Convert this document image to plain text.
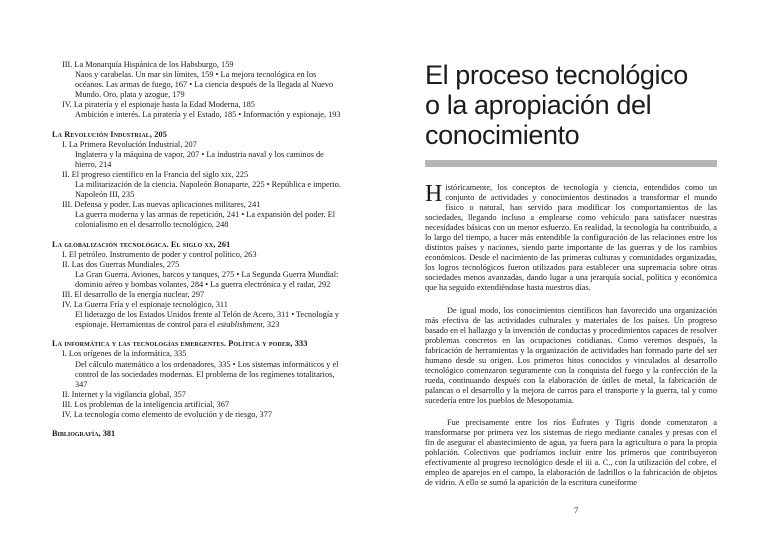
III. La Monarquía Hispánica de los Habsburgo, 159
Naos y carabelas. Un mar sin límites, 159 • La mejora tecnológica en los océanos. Las armas de fuego, 167 • La ciencia después de la llegada al Nuevo Mundo. Oro, plata y azogue, 179
IV. La piratería y el espionaje hasta la Edad Moderna, 185
Ambición e interés. La piratería y el Estado, 185 • Información y espionaje, 193
La Revolución Industrial, 205
I. La Primera Revolución Industrial, 207
Inglaterra y la máquina de vapor, 207 • La industria naval y los caminos de hierro, 214
II. El progreso científico en la Francia del siglo xix, 225
La militarización de la ciencia. Napoleón Bonaparte, 225 • República e imperio. Napoleón III, 235
III. Defensa y poder. Las nuevas aplicaciones militares, 241
La guerra moderna y las armas de repetición, 241 • La expansión del poder. El colonialismo en el desarrollo tecnológico, 248
La globalización tecnológica. El siglo xx, 261
I. El petróleo. Instrumento de poder y control político, 263
II. Las dos Guerras Mundiales, 275
La Gran Guerra. Aviones, barcos y tanques, 275 • La Segunda Guerra Mundial: dominio aéreo y bombas volantes, 284 • La guerra electrónica y el radar, 292
III. El desarrollo de la energía nuclear, 297
IV. La Guerra Fría y el espionaje tecnológico, 311
El liderazgo de los Estados Unidos frente al Telón de Acero, 311 • Tecnología y espionaje. Herramientas de control para el establishment, 323
La informática y las tecnologías emergentes. Política y poder, 333
I. Los orígenes de la informática, 335
Del cálculo matemático a los ordenadores, 335 • Los sistemas informáticos y el control de las sociedades modernas. El problema de los regímenes totalitarios, 347
II. Internet y la vigilancia global, 357
III. Los problemas de la inteligencia artificial, 367
IV. La tecnología como elemento de evolución y de riesgo, 377
Bibliografía, 381
El proceso tecnológico
o la apropiación del
conocimiento

Históricamente, los conceptos de tecnología y ciencia, entendidos como un conjunto de actividades y conocimientos destinados a transformar el mundo físico o natural, han servido para modificar los comportamientos de las sociedades, llegando incluso a emplearse como vehículo para satisfacer nuestras necesidades básicas con un menor esfuerzo. En realidad, la tecnología ha contribuido, a lo largo del tiempo, a hacer más entendible la configuración de las relaciones entre los distintos países y naciones, siendo parte importante de las guerras y de los cambios económicos. Desde el nacimiento de las primeras culturas y comunidades organizadas, los logros tecnológicos fueron utilizados para establecer una supremacía sobre otras sociedades menos avanzadas, dando lugar a una jerarquía social, política y económica que ha seguido extendiéndose hasta nuestros días.

De igual modo, los conocimientos científicos han favorecido una organización más efectiva de las actividades culturales y materiales de los países. Un progreso basado en el hallazgo y la invención de conductas y procedimientos capaces de resolver problemas concretos en las ocupaciones cotidianas. Como veremos después, la fabricación de herramientas y la organización de actividades han formado parte del ser humano desde su origen. Los primeros hitos conocidos y vinculados al desarrollo tecnológico comenzaron seguramente con la conquista del fuego y la confección de la rueda, continuando después con la elaboración de útiles de metal, la fabricación de palancas o el desarrollo y la mejora de carros para el transporte y la guerra, tal y como sucedería entre los pueblos de Mesopotamia.

Fue precisamente entre los ríos Éufrates y Tigris donde comenzaron a transformarse por primera vez los sistemas de riego mediante canales y presas con el fin de asegurar el abastecimiento de agua, ya fuera para la agricultura o para la propia población. Colectivos que podríamos incluir entre los primeros que contribuyeron efectivamente al progreso tecnológico desde el iii a. C., con la utilización del cobre, el empleo de aparejos en el campo, la elaboración de ladrillos o la fabricación de objetos de vidrio. A ello se sumó la aparición de la escritura cuneiforme

7
